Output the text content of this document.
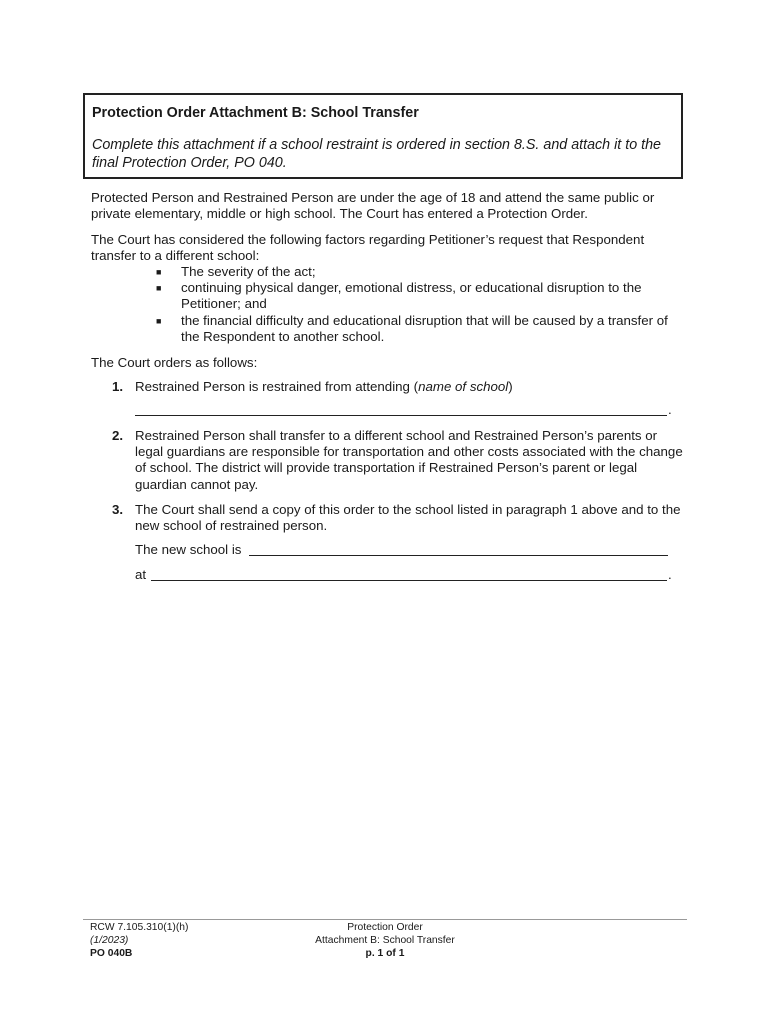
Protection Order Attachment B: School Transfer

Complete this attachment if a school restraint is ordered in section 8.S. and attach it to the final Protection Order, PO 040.

Protected Person and Restrained Person are under the age of 18 and attend the same public or private elementary, middle or high school. The Court has entered a Protection Order.

The Court has considered the following factors regarding Petitioner’s request that Respondent transfer to a different school:

■ The severity of the act;
■ continuing physical danger, emotional distress, or educational disruption to the Petitioner; and
■ the financial difficulty and educational disruption that will be caused by a transfer of the Respondent to another school.

The Court orders as follows:

1. Restrained Person is restrained from attending (name of school)

.
2. Restrained Person shall transfer to a different school and Restrained Person’s parents or legal guardians are responsible for transportation and other costs associated with the change of school. The district will provide transportation if Restrained Person’s parent or legal guardian cannot pay.

3. The Court shall send a copy of this order to the school listed in paragraph 1 above and to the new school of restrained person.

The new school is
at	.
RCW 7.105.310(1)(h)
(1/2023)
PO 040B
Protection Order
Attachment B: School Transfer
p. 1 of 1
